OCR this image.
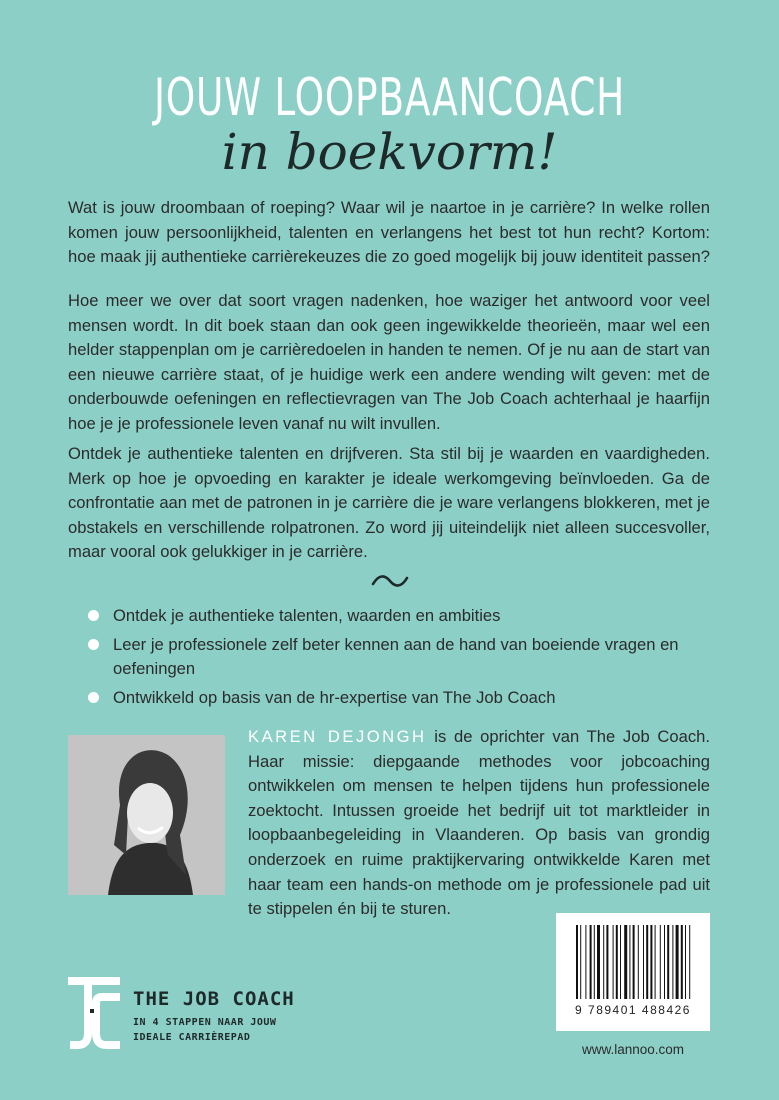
JOUW LOOPBAANCOACH
in boekvorm!

Wat is jouw droombaan of roeping? Waar wil je naartoe in je carrière? In welke rollen komen jouw persoonlijkheid, talenten en verlangens het best tot hun recht? Kortom: hoe maak jij authentieke carrièrekeuzes die zo goed mogelijk bij jouw identiteit passen?

Hoe meer we over dat soort vragen nadenken, hoe waziger het antwoord voor veel mensen wordt. In dit boek staan dan ook geen ingewikkelde theorieën, maar wel een helder stappenplan om je carrièredoelen in handen te nemen. Of je nu aan de start van een nieuwe carrière staat, of je huidige werk een andere wending wilt geven: met de onderbouwde oefeningen en reflectievragen van The Job Coach achterhaal je haarfijn hoe je je professionele leven vanaf nu wilt invullen.

Ontdek je authentieke talenten en drijfveren. Sta stil bij je waarden en vaardigheden. Merk op hoe je opvoeding en karakter je ideale werkomgeving beïnvloeden. Ga de confrontatie aan met de patronen in je carrière die je ware verlangens blokkeren, met je obstakels en verschillende rolpatronen. Zo word jij uiteindelijk niet alleen succesvoller, maar vooral ook gelukkiger in je carrière.

Ontdek je authentieke talenten, waarden en ambities
Leer je professionele zelf beter kennen aan de hand van boeiende vragen en oefeningen
Ontwikkeld op basis van de hr-expertise van The Job Coach

KAREN DEJONGH is de oprichter van The Job Coach. Haar missie: diepgaande methodes voor jobcoaching ontwikkelen om mensen te helpen tijdens hun professionele zoektocht. Intussen groeide het bedrijf uit tot marktleider in loopbaanbegeleiding in Vlaanderen. Op basis van grondig onderzoek en ruime praktijkervaring ontwikkelde Karen met haar team een hands-on methode om je professionele pad uit te stippelen én bij te sturen.

THE JOB COACH
IN 4 STAPPEN NAAR JOUW
IDEALE CARRIÈREPAD
9 789401 488426
www.lannoo.com
